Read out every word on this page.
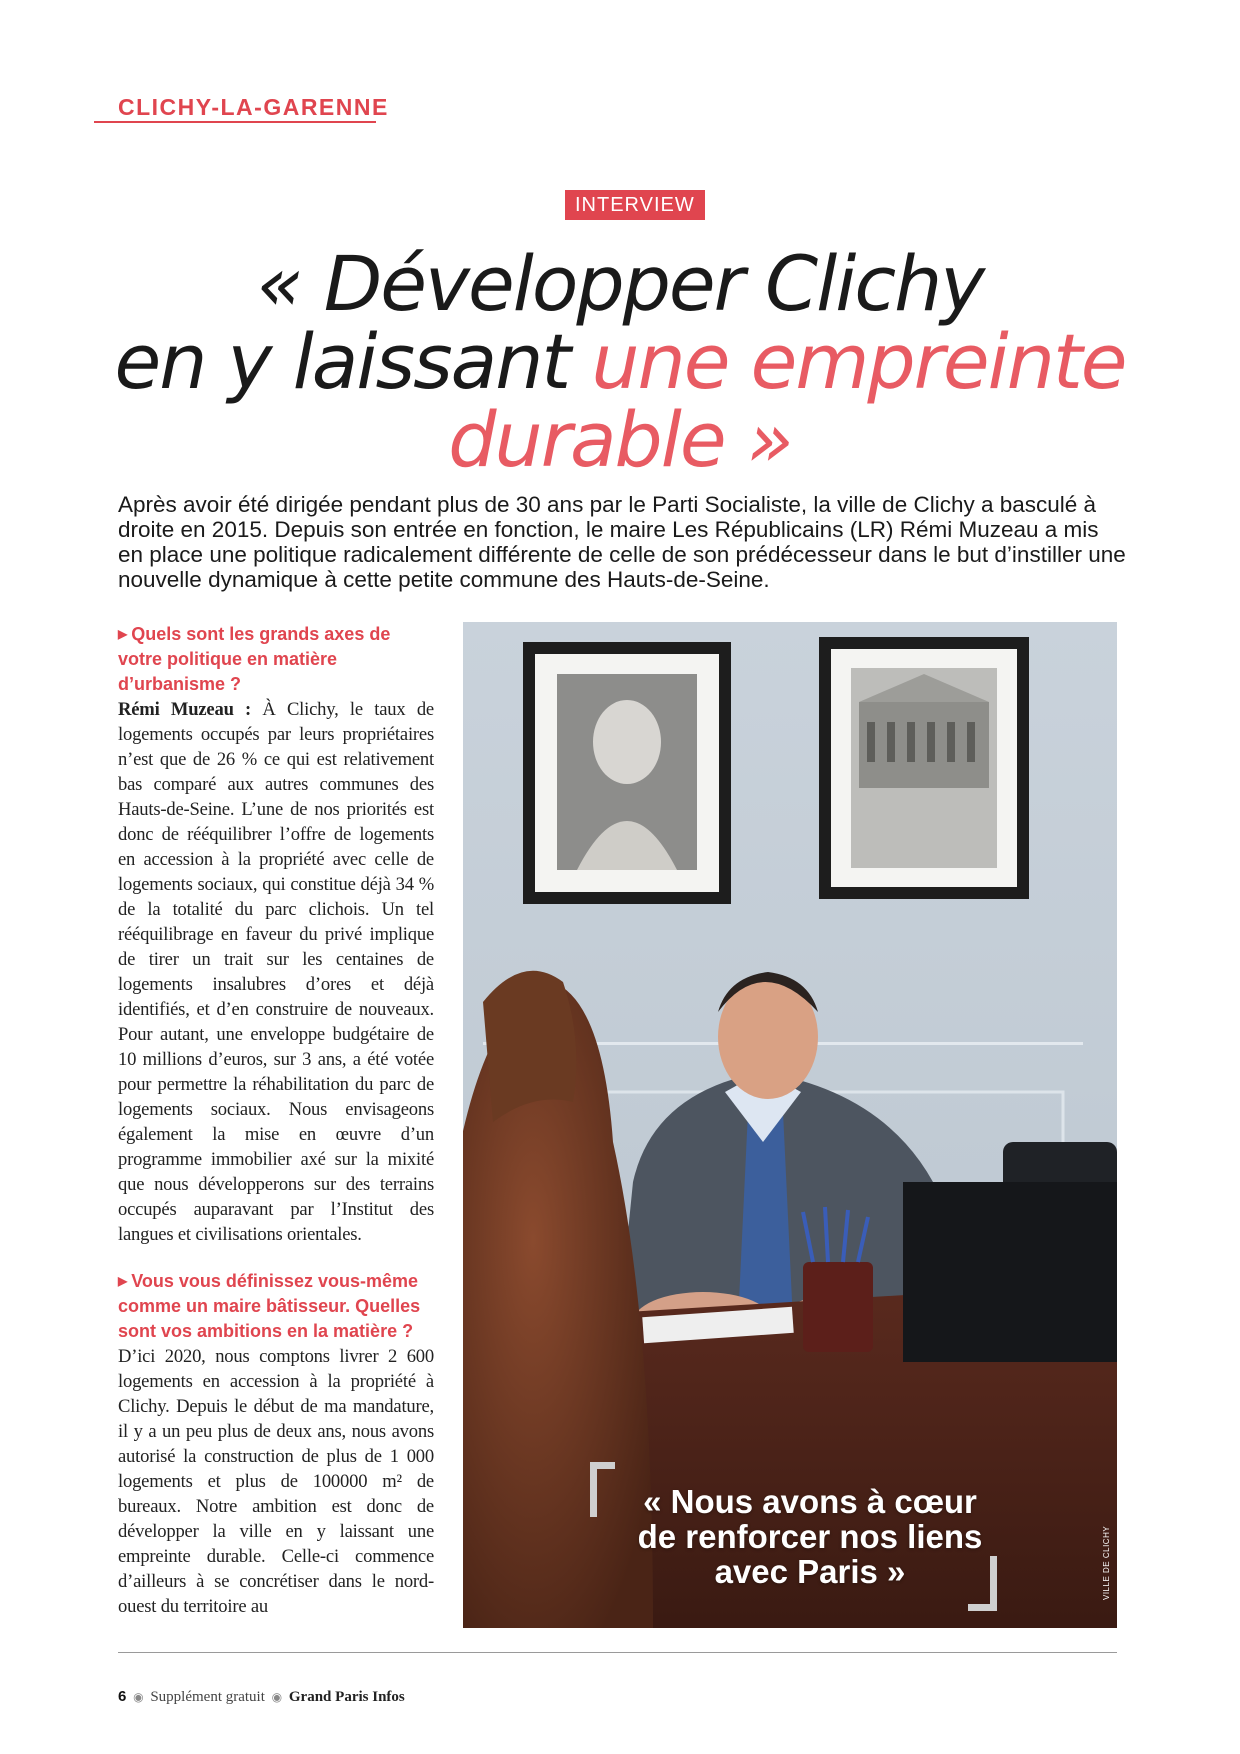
CLICHY-LA-GARENNE
INTERVIEW
« Développer Clichy
en y laissant une empreinte
durable »

Après avoir été dirigée pendant plus de 30 ans par le Parti Socialiste, la ville de Clichy a basculé à droite en 2015. Depuis son entrée en fonction, le maire Les Républicains (LR) Rémi Muzeau a mis en place une politique radicalement différente de celle de son prédécesseur dans le but d’instiller une nouvelle dynamique à cette petite commune des Hauts-de-Seine.

▶ Quels sont les grands axes de votre politique en matière d’urbanisme ?

Rémi Muzeau : À Clichy, le taux de logements occupés par leurs propriétaires n’est que de 26 % ce qui est relativement bas comparé aux autres communes des Hauts-de-Seine. L’une de nos priorités est donc de rééquilibrer l’offre de logements en accession à la propriété avec celle de logements sociaux, qui constitue déjà 34 % de la totalité du parc clichois. Un tel rééquilibrage en faveur du privé implique de tirer un trait sur les centaines de logements insalubres d’ores et déjà identifiés, et d’en construire de nouveaux. Pour autant, une enveloppe budgétaire de 10 millions d’euros, sur 3 ans, a été votée pour permettre la réhabilitation du parc de logements sociaux. Nous envisageons également la mise en œuvre d’un programme immobilier axé sur la mixité que nous développerons sur des terrains occupés auparavant par l’Institut des langues et civilisations orientales.

▶ Vous vous définissez vous-même comme un maire bâtisseur. Quelles sont vos ambitions en la matière ?

D’ici 2020, nous comptons livrer 2 600 logements en accession à la propriété à Clichy. Depuis le début de ma mandature, il y a un peu plus de deux ans, nous avons autorisé la construction de plus de 1 000 logements et plus de 100000 m² de bureaux. Notre ambition est donc de développer la ville en y laissant une empreinte durable. Celle-ci commence d’ailleurs à se concrétiser dans le nord-ouest du territoire au

« Nous avons à cœur de renforcer nos liens avec Paris »	VILLE DE CLICHY
6 ◉ Supplément gratuit ◉ Grand Paris Infos
